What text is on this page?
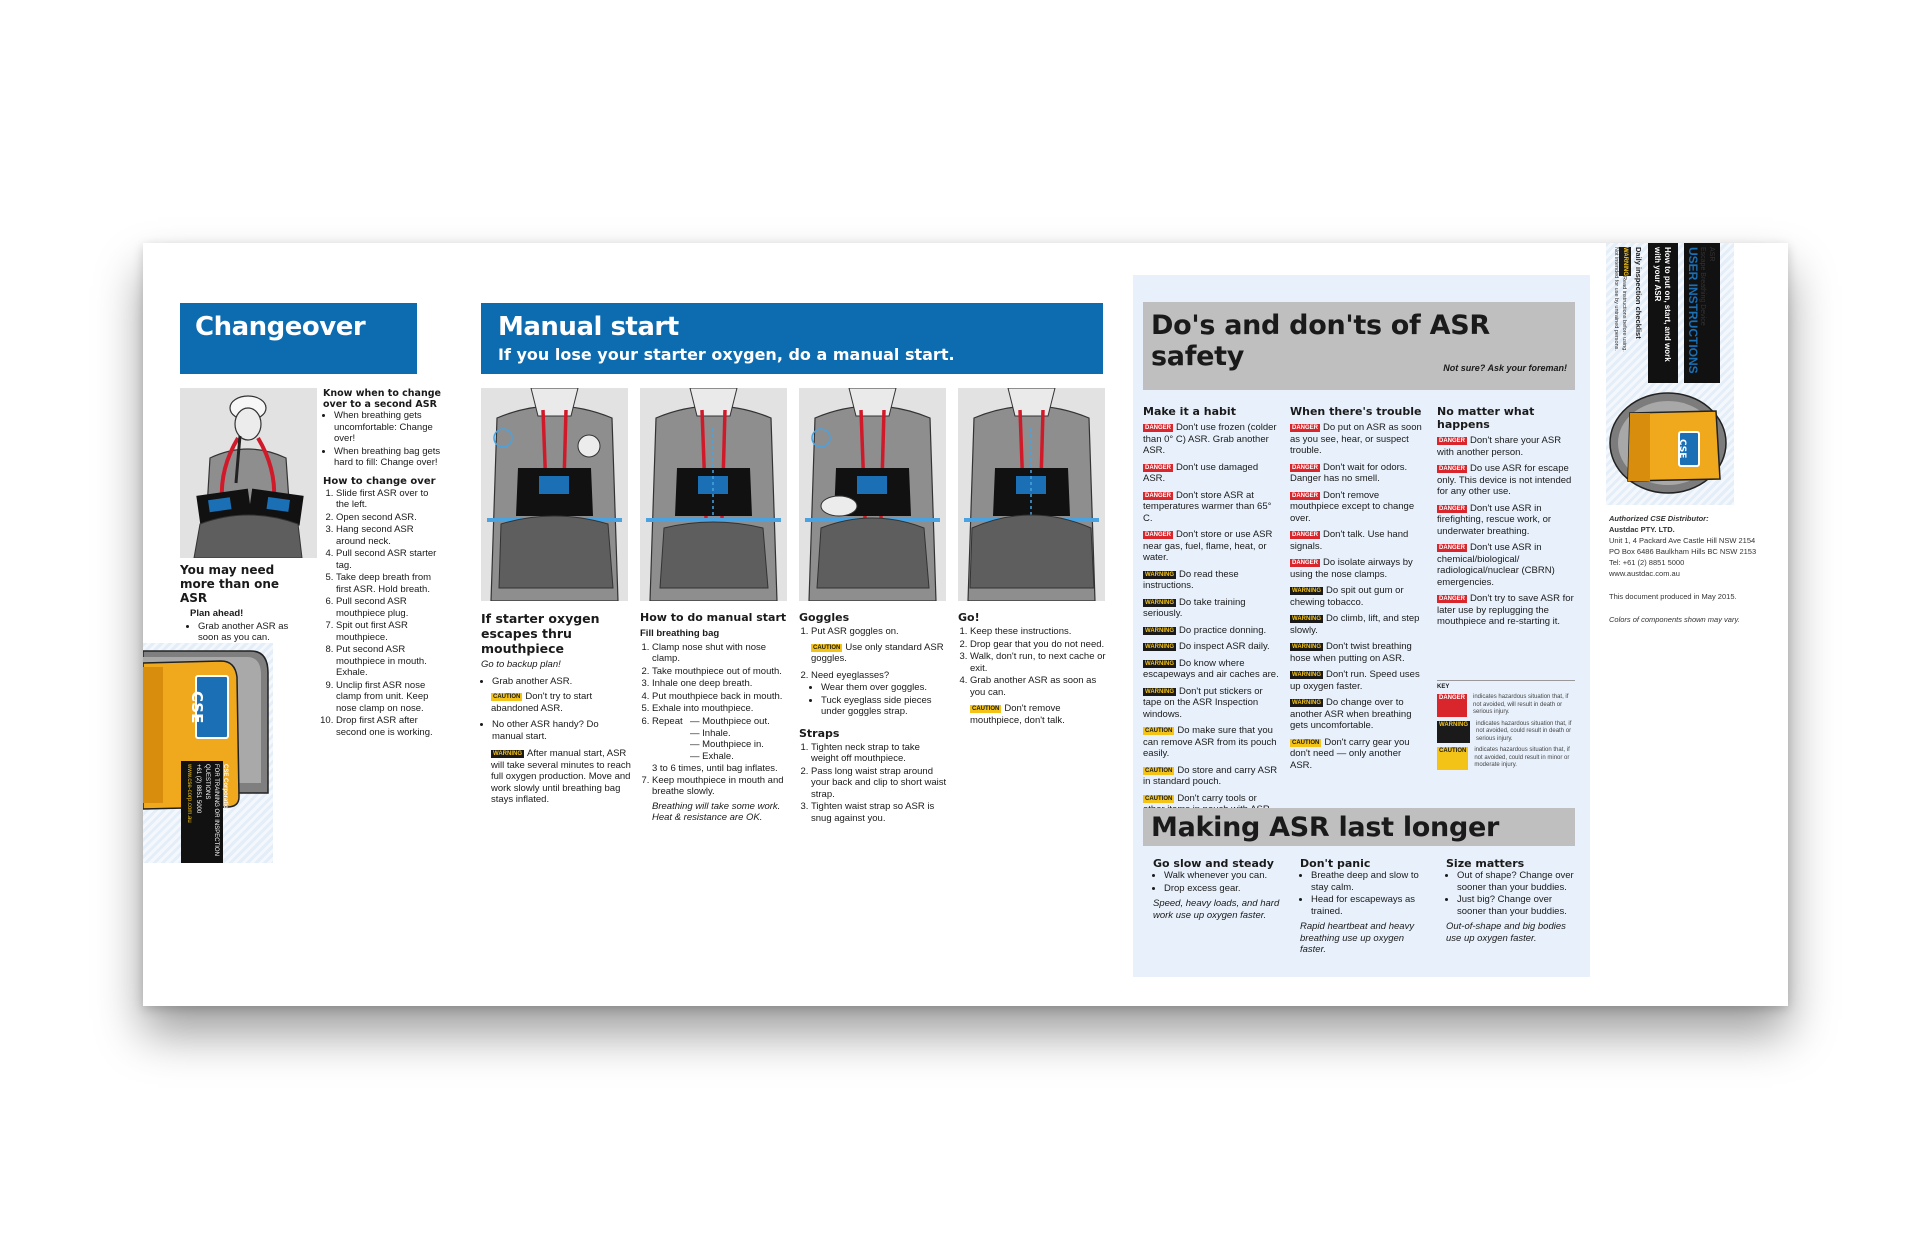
Changeover
Know when to change over to a second ASR
• When breathing gets uncomfortable: Change over!
• When breathing bag gets hard to fill: Change over!
How to change over
1. Slide first ASR over to the left.
2. Open second ASR.
3. Hang second ASR around neck.
4. Pull second ASR starter tag.
5. Take deep breath from first ASR. Hold breath.
6. Pull second ASR mouthpiece plug.
7. Spit out first ASR mouthpiece.
8. Put second ASR mouthpiece in mouth. Exhale.
9. Unclip first ASR nose clamp from unit. Keep nose clamp on nose.
10. Drop first ASR after second one is working.
You may need more than one ASR
Plan ahead!
• Grab another ASR as soon as you can.
CSE
CSE Corporation
FOR TRAINING OR INSPECTION QUESTIONS
+61 (2) 8851 5000
www.cse-corp.com.au
Manual start
If you lose your starter oxygen, do a manual start.
If starter oxygen escapes thru mouthpiece
Go to backup plan!
• Grab another ASR.
CAUTION Don't try to start abandoned ASR.
• No other ASR handy? Do manual start.
WARNING After manual start, ASR will take several minutes to reach full oxygen production. Move and work slowly until breathing bag stays inflated.
How to do manual start
Fill breathing bag
1. Clamp nose shut with nose clamp.
2. Take mouthpiece out of mouth.
3. Inhale one deep breath.
4. Put mouthpiece back in mouth.
5. Exhale into mouthpiece.
6. Repeat — Mouthpiece out.
— Inhale.
— Mouthpiece in.
— Exhale.
3 to 6 times, until bag inflates.
7. Keep mouthpiece in mouth and breathe slowly.
Breathing will take some work. Heat & resistance are OK.
Goggles
1. Put ASR goggles on.
CAUTION Use only standard ASR goggles.
2. Need eyeglasses?
• Wear them over goggles.
• Tuck eyeglass side pieces under goggles strap.
Straps
1. Tighten neck strap to take weight off mouthpiece.
2. Pass long waist strap around your back and clip to short waist strap.
3. Tighten waist strap so ASR is snug against you.
Go!
1. Keep these instructions.
2. Drop gear that you do not need.
3. Walk, don't run, to next cache or exit.
4. Grab another ASR as soon as you can.
CAUTION Don't remove mouthpiece, don't talk.
Do's and don'ts of ASR safety	Not sure? Ask your foreman!
Make it a habit
DANGER Don't use frozen (colder than 0° C) ASR. Grab another ASR.
DANGER Don't use damaged ASR.
DANGER Don't store ASR at temperatures warmer than 65° C.
DANGER Don't store or use ASR near gas, fuel, flame, heat, or water.
WARNING Do read these instructions.
WARNING Do take training seriously.
WARNING Do practice donning.
WARNING Do inspect ASR daily.
WARNING Do know where escapeways and air caches are.
WARNING Don't put stickers or tape on the ASR Inspection windows.
CAUTION Do make sure that you can remove ASR from its pouch easily.
CAUTION Do store and carry ASR in standard pouch.
CAUTION Don't carry tools or
When there's trouble
DANGER Do put on ASR as soon as you see, hear, or suspect trouble.
DANGER Don't wait for odors. Danger has no smell.
DANGER Don't remove mouthpiece except to change over.
DANGER Don't talk. Use hand signals.
DANGER Do isolate airways by using the nose clamps.
WARNING Do spit out gum or chewing tobacco.
WARNING Do climb, lift, and step slowly.
WARNING Don't twist breathing hose when putting on ASR.
WARNING Don't run. Speed uses up oxygen faster.
WARNING Do change over to another ASR when breathing gets uncomfortable.
CAUTION Don't carry gear you don't need — only another ASR.
No matter what happens
DANGER Don't share your ASR with another person.
DANGER Do use ASR for escape only. This device is not intended for any other use.
DANGER Don't use ASR in firefighting, rescue work, or underwater breathing.
DANGER Don't use ASR in chemical/biological/ radiological/nuclear (CBRN) emergencies.
DANGER Don't try to save ASR for later use by replugging the mouthpiece and re-starting it.
KEY
DANGER	indicates hazardous situation that, if not avoided, will result in death or serious injury.
WARNING	indicates hazardous situation that, if not avoided, could result in death or serious injury.
CAUTION	indicates hazardous situation that, if not avoided, could result in minor or moderate injury.
Making ASR last longer
Go slow and steady
• Walk whenever you can.
• Drop excess gear.
Speed, heavy loads, and hard work use up oxygen faster.
Don't panic
• Breathe deep and slow to stay calm.
• Head for escapeways as trained.
Rapid heartbeat and heavy breathing use up oxygen faster.
Size matters
• Out of shape? Change over sooner than your buddies.
• Just big? Change over sooner than your buddies.
Out-of-shape and big bodies use up oxygen faster.
ASR
Escape Breathing Device
USER INSTRUCTIONS
How to put on, start, and work with your ASR
Daily inspection checklist
WARNINGRead instructions before using. Not intended for use by untrained persons.
CSE
Authorized CSE Distributor:
Austdac PTY. LTD.
Unit 1, 4 Packard Ave Castle Hill NSW 2154
PO Box 6486 Baulkham Hills BC NSW 2153
Tel: +61 (2) 8851 5000
www.austdac.com.au
This document produced in May 2015.
Colors of components shown may vary.
